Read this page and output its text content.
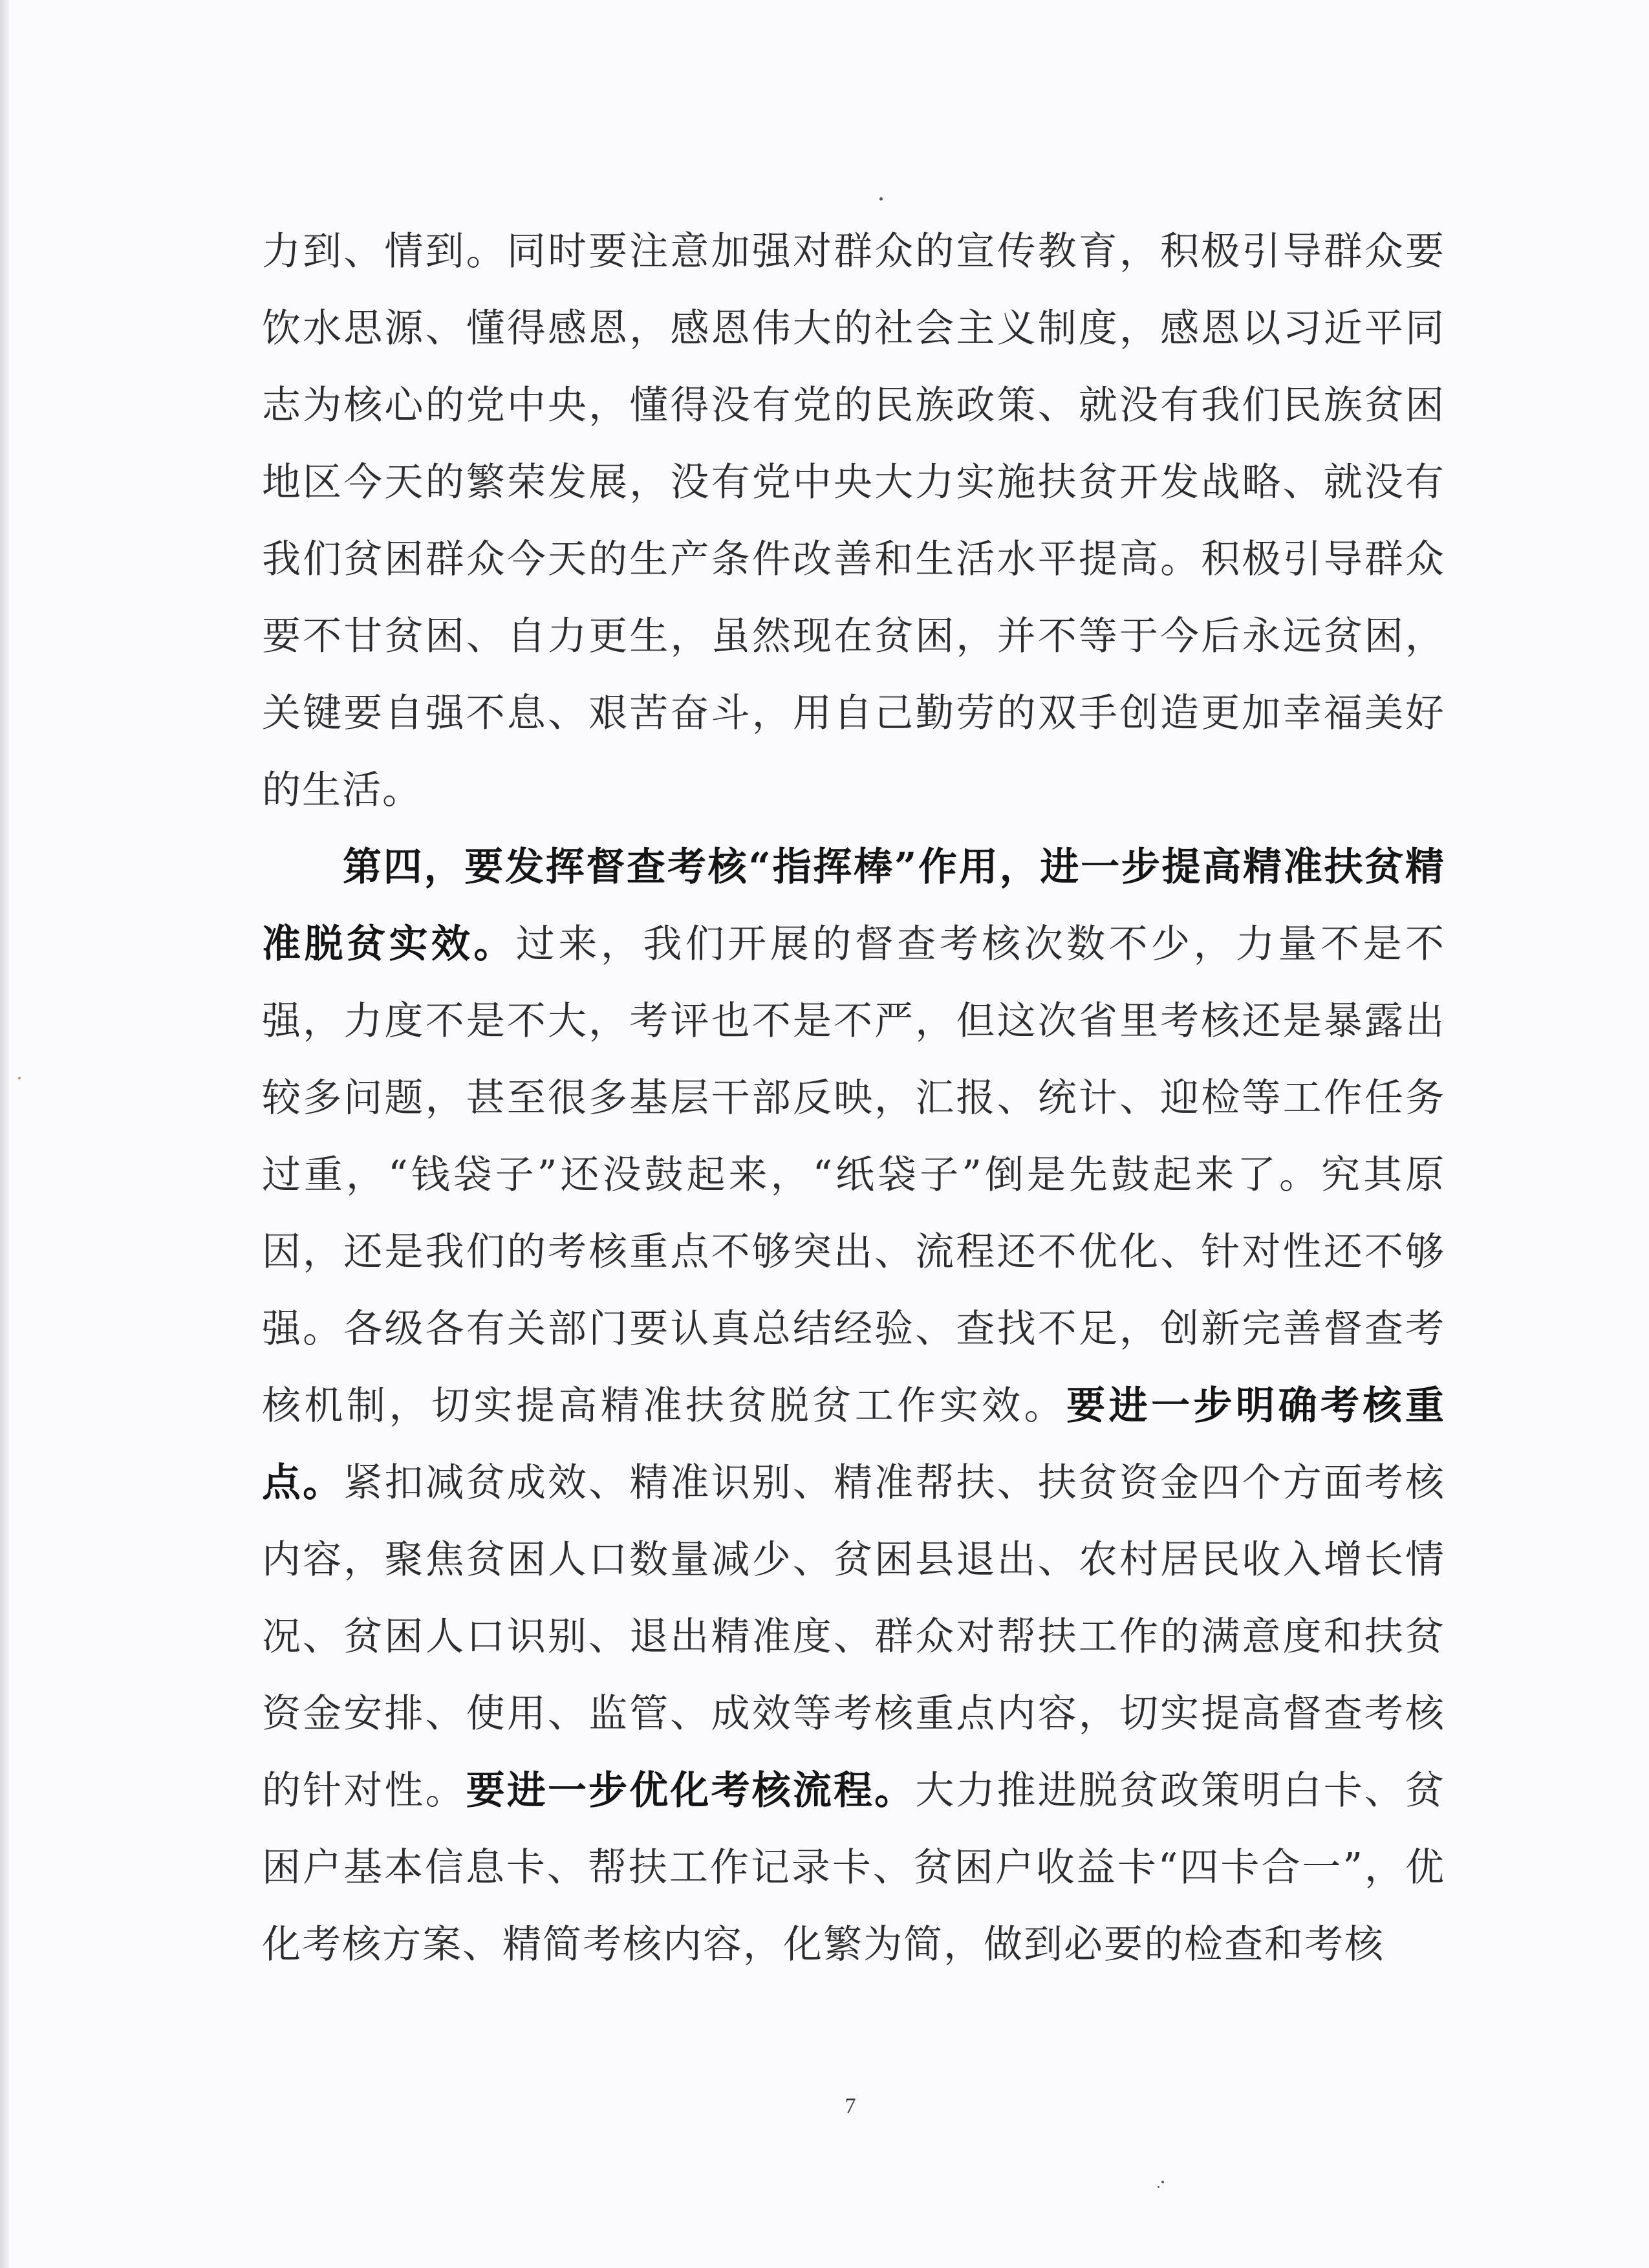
力到、情到。同时要注意加强对群众的宣传教育，积极引导群众要饮水思源、懂得感恩，感恩伟大的社会主义制度，感恩以习近平同志为核心的党中央，懂得没有党的民族政策、就没有我们民族贫困地区今天的繁荣发展，没有党中央大力实施扶贫开发战略、就没有我们贫困群众今天的生产条件改善和生活水平提高。积极引导群众要不甘贫困、自力更生，虽然现在贫困，并不等于今后永远贫困，关键要自强不息、艰苦奋斗，用自己勤劳的双手创造更加幸福美好的生活。

第四，要发挥督查考核“指挥棒”作用，进一步提高精准扶贫精准脱贫实效。过来，我们开展的督查考核次数不少，力量不是不强，力度不是不大，考评也不是不严，但这次省里考核还是暴露出较多问题，甚至很多基层干部反映，汇报、统计、迎检等工作任务过重，“钱袋子”还没鼓起来，“纸袋子”倒是先鼓起来了。究其原因，还是我们的考核重点不够突出、流程还不优化、针对性还不够强。各级各有关部门要认真总结经验、查找不足，创新完善督查考核机制，切实提高精准扶贫脱贫工作实效。要进一步明确考核重点。紧扣减贫成效、精准识别、精准帮扶、扶贫资金四个方面考核内容，聚焦贫困人口数量减少、贫困县退出、农村居民收入增长情况、贫困人口识别、退出精准度、群众对帮扶工作的满意度和扶贫资金安排、使用、监管、成效等考核重点内容，切实提高督查考核的针对性。要进一步优化考核流程。大力推进脱贫政策明白卡、贫困户基本信息卡、帮扶工作记录卡、贫困户收益卡“四卡合一”，优化考核方案、精简考核内容，化繁为简，做到必要的检查和考核

7
